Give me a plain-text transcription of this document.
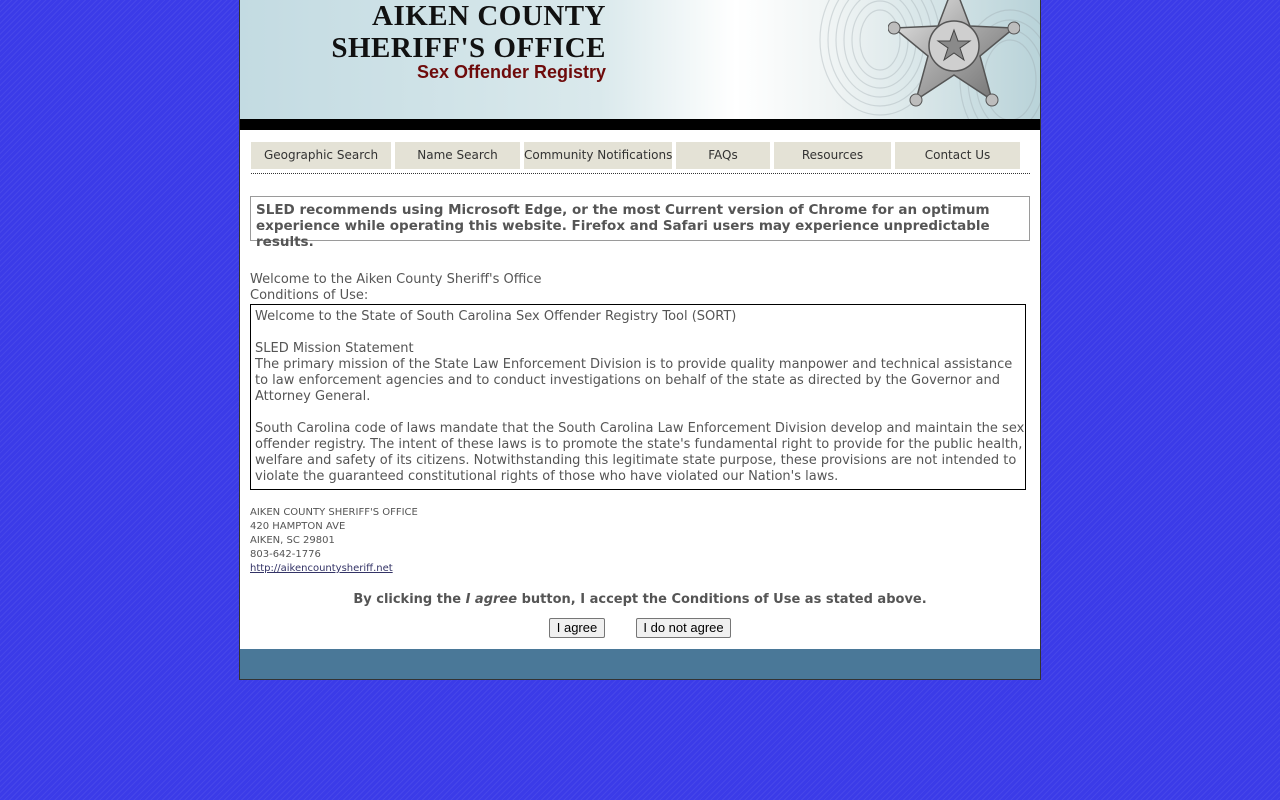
AIKEN COUNTY
SHERIFF'S OFFICE
Sex Offender Registry
Geographic Search	Name Search	Community Notifications	FAQs	Resources	Contact Us
SLED recommends using Microsoft Edge, or the most Current version of Chrome for an optimum experience while operating this website. Firefox and Safari users may experience unpredictable results.
Welcome to the Aiken County Sheriff's Office
Conditions of Use:

Welcome to the State of South Carolina Sex Offender Registry Tool (SORT)

SLED Mission Statement

The primary mission of the State Law Enforcement Division is to provide quality manpower and technical assistance to law enforcement agencies and to conduct investigations on behalf of the state as directed by the Governor and Attorney General.

South Carolina code of laws mandate that the South Carolina Law Enforcement Division develop and maintain the sex offender registry. The intent of these laws is to promote the state's fundamental right to provide for the public health, welfare and safety of its citizens. Notwithstanding this legitimate state purpose, these provisions are not intended to violate the guaranteed constitutional rights of those who have violated our Nation's laws.

AIKEN COUNTY SHERIFF'S OFFICE
420 HAMPTON AVE
AIKEN, SC 29801
803-642-1776
http://aikencountysheriff.net
By clicking the I agree button, I accept the Conditions of Use as stated above.
I agree	I do not agree
